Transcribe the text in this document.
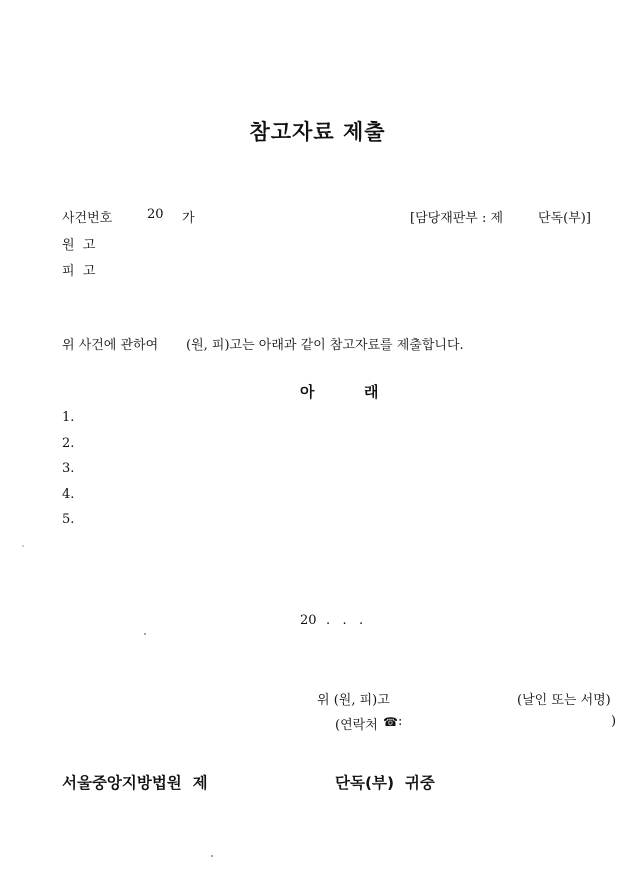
참고자료 제출
사건번호	20 가	[담당재판부 : 제	단독(부)]
원  고
피  고
위 사건에 관하여 (원, 피)고는 아래과 같이 참고자료를 제출합니다.
아	래
1.
2.
3.
4.
5.
20 .   .   .
위 (원, 피)고	(날인 또는 서명)
(연락처 ☎ :	)
서울중앙지방법원  제	단독(부)  귀중
